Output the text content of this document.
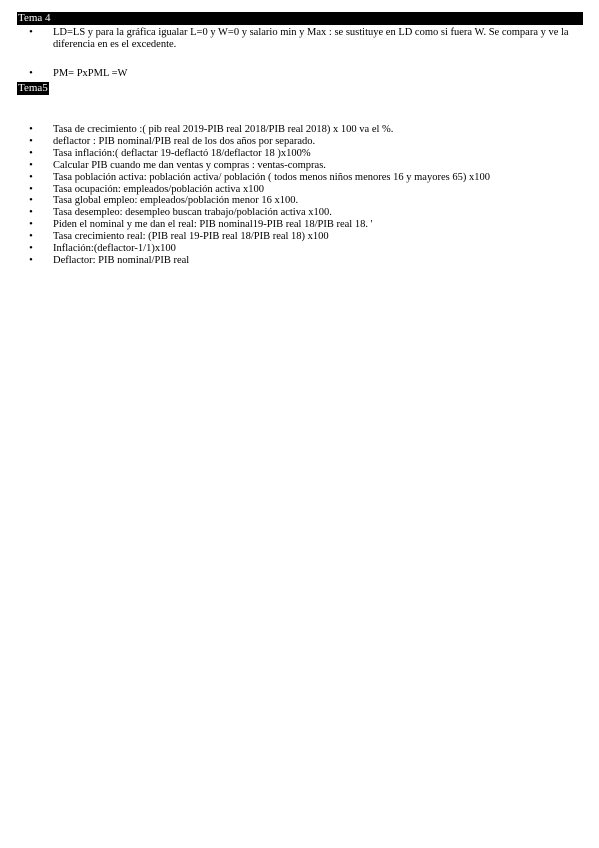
Tema 4
• LD=LS y para la gráfica igualar L=0 y W=0 y salario min y Max : se sustituye en LD como si fuera W. Se compara y ve la diferencia en es el excedente.
• PM= PxPML =W
Tema5
• Tasa de crecimiento :( pib real 2019-PIB real 2018/PIB real 2018) x 100 va el %.
• deflactor : PIB nominal/PIB real de los dos años por separado.
• Tasa inflación:( deflactar 19-deflactó 18/deflactor 18 )x100%
• Calcular PIB cuando me dan ventas y compras : ventas-compras.
• Tasa población activa: población activa/ población ( todos menos niños menores 16 y mayores 65) x100
• Tasa ocupación: empleados/población activa x100
• Tasa global empleo: empleados/población menor 16 x100.
• Tasa desempleo: desempleo buscan trabajo/población activa x100.
• Piden el nominal y me dan el real: PIB nominal19-PIB real 18/PIB real 18. '
• Tasa crecimiento real: (PIB real 19-PIB real 18/PIB real 18) x100
• Inflación:(deflactor-1/1)x100
• Deflactor: PIB nominal/PIB real
